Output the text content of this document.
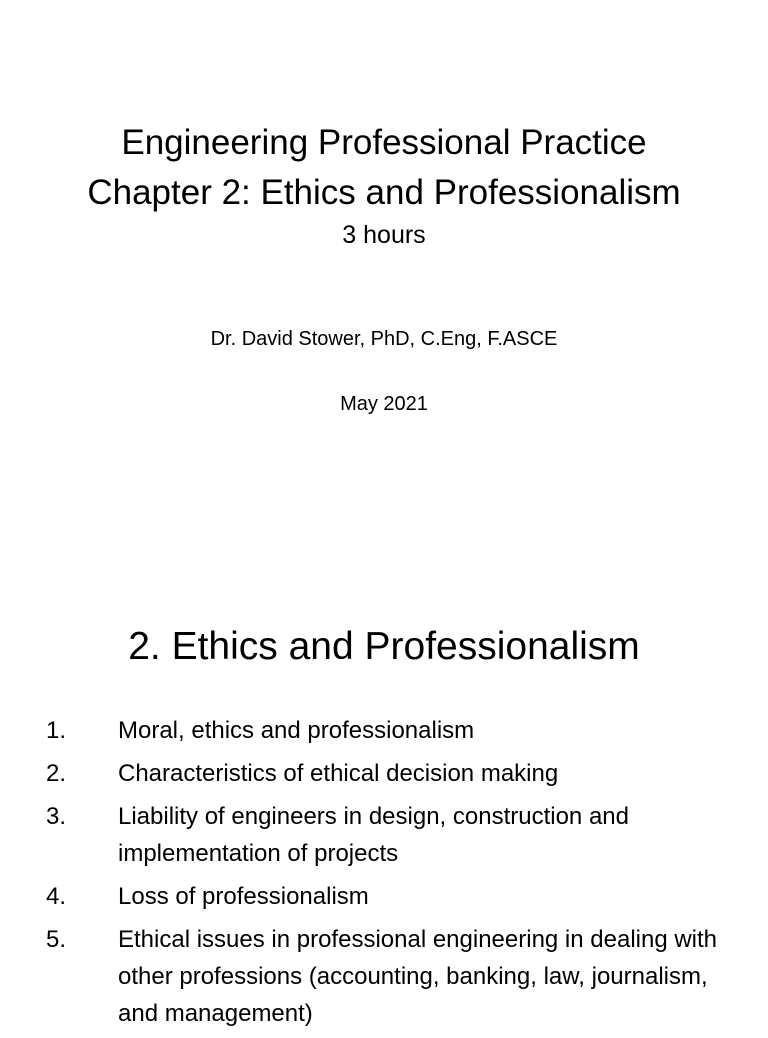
Engineering Professional Practice
Chapter 2: Ethics and Professionalism

3 hours

Dr. David Stower, PhD, C.Eng, F.ASCE
May 2021
2. Ethics and Professionalism
1. Moral, ethics and professionalism
2. Characteristics of ethical decision making
3. Liability of engineers in design, construction and implementation of projects
4. Loss of professionalism
5. Ethical issues in professional engineering in dealing with other professions (accounting, banking, law, journalism, and management)
